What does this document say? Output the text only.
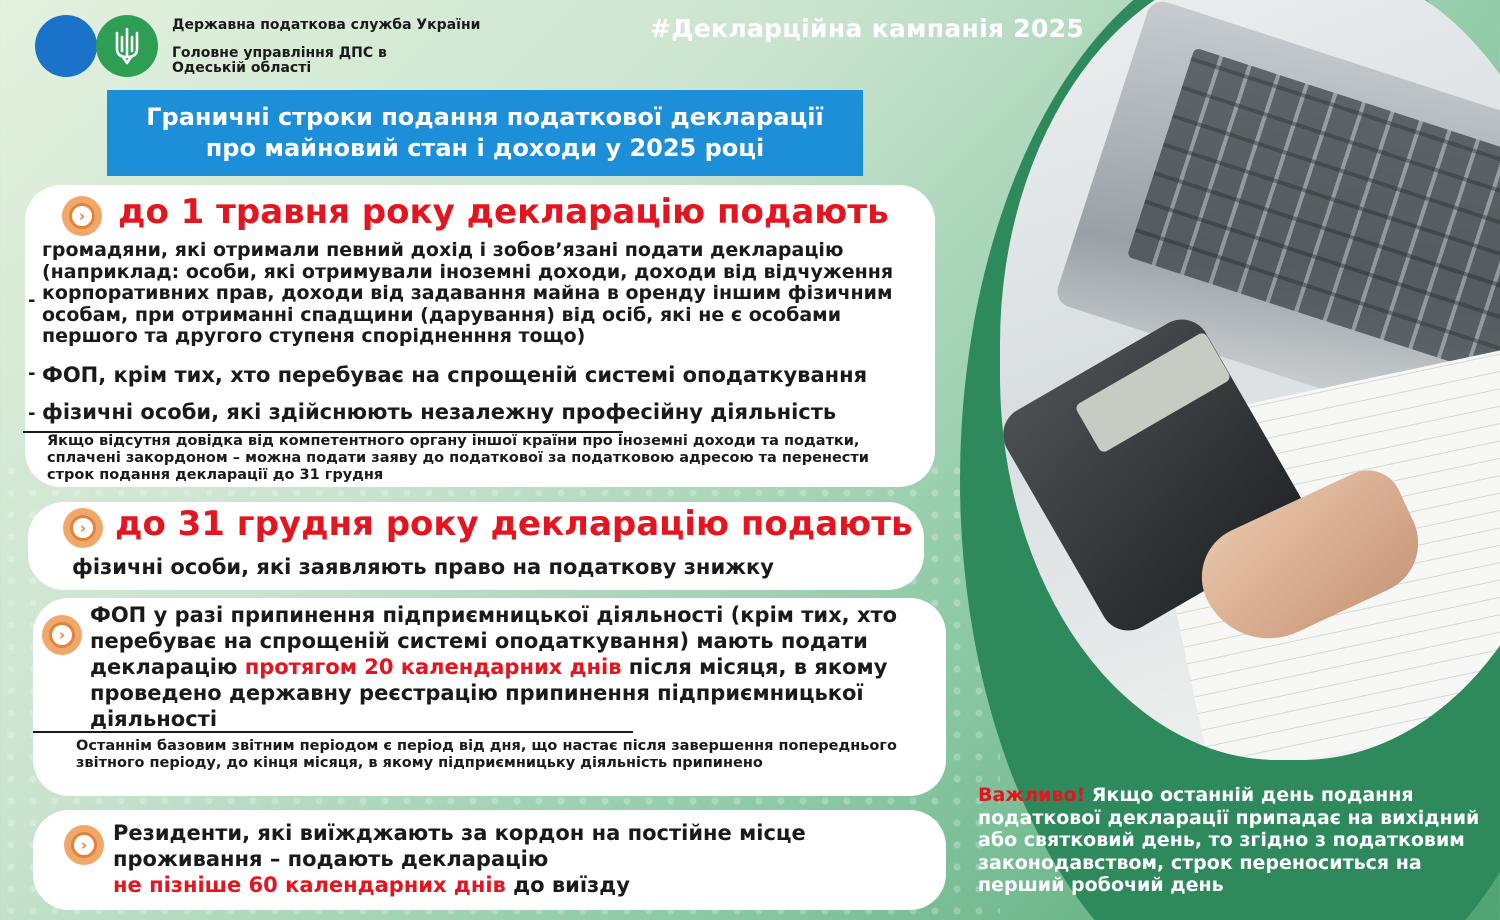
Державна податкова служба України
Головне управління ДПС в Одеській області
#Декларційна кампанія 2025
Граничні строки подання податкової декларації
про майновий стан і доходи у 2025 році
› до 1 травня року декларацію подають
-
громадяни, які отримали певний дохід і зобов’язані подати декларацію (наприклад: особи, які отримували іноземні доходи, доходи від відчуження корпоративних прав, доходи від задавання майна в оренду іншим фізичним особам, при отриманні спадщини (дарування) від осіб, які не є особами першого та другого ступеня спорідненння тощо)
- ФОП, крім тих, хто перебуває на спрощеній системі оподаткування
- фізичні особи, які здійснюють незалежну професійну діяльність
Якщо відсутня довідка від компетентного органу іншої країни про іноземні доходи та податки, сплачені закордоном – можна подати заяву до податкової за податковою адресою та перенести строк подання декларації до 31 грудня
› до 31 грудня року декларацію подають
фізичні особи, які заявляють право на податкову знижку
›
ФОП у разі припинення підприємницької діяльності (крім тих, хто перебуває на спрощеній системі оподаткування) мають подати декларацію протягом 20 календарних днів після місяця, в якому проведено державну реєстрацію припинення підприємницької діяльності
Останнім базовим звітним періодом є період від дня, що настає після завершення попереднього звітного періоду, до кінця місяця, в якому підприємницьку діяльність припинено
›	Резиденти, які виїжджають за кордон на постійне місце
проживання – подають декларацію
не пізніше 60 календарних днів до виїзду
Важливо! Якщо останній день подання податкової декларації припадає на вихідний або святковий день, то згідно з податковим законодавством, строк переноситься на перший робочий день
